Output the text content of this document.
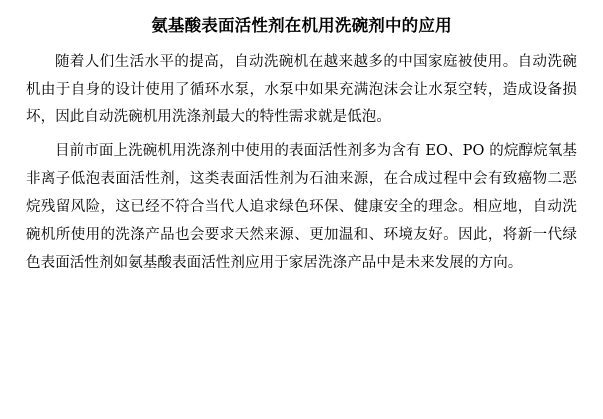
氨基酸表面活性剂在机用洗碗剂中的应用

随着人们生活水平的提高，自动洗碗机在越来越多的中国家庭被使用。自动洗碗机由于自身的设计使用了循环水泵，水泵中如果充满泡沫会让水泵空转，造成设备损坏，因此自动洗碗机用洗涤剂最大的特性需求就是低泡。

目前市面上洗碗机用洗涤剂中使用的表面活性剂多为含有 EO、PO 的烷醇烷氧基非离子低泡表面活性剂，这类表面活性剂为石油来源，在合成过程中会有致癌物二恶烷残留风险，这已经不符合当代人追求绿色环保、健康安全的理念。相应地，自动洗碗机所使用的洗涤产品也会要求天然来源、更加温和、环境友好。因此，将新一代绿色表面活性剂如氨基酸表面活性剂应用于家居洗涤产品中是未来发展的方向。
